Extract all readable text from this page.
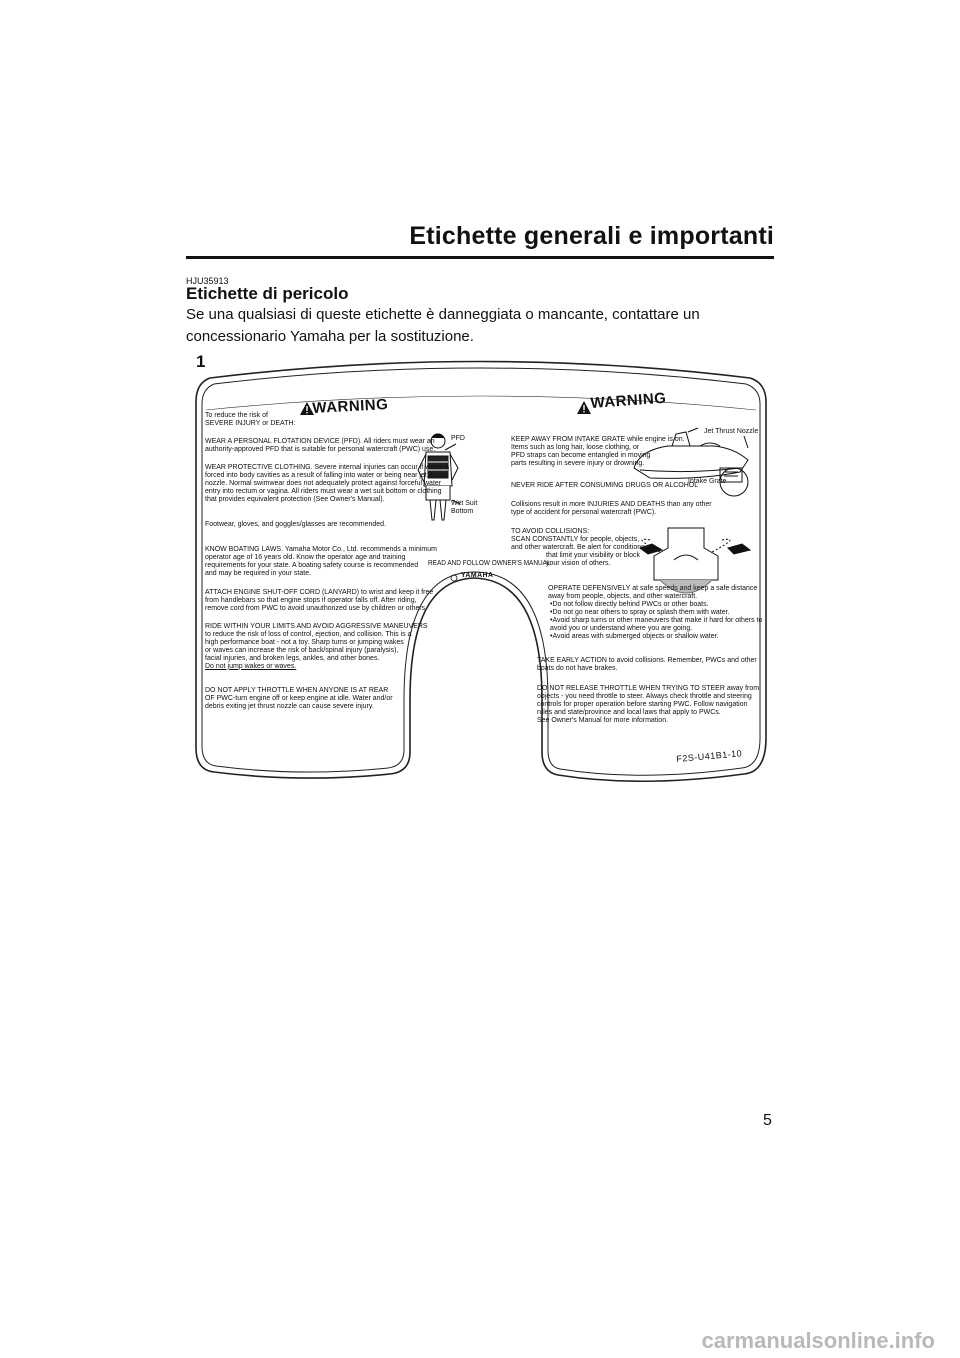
Etichette generali e importanti
HJU35913
Etichette di pericolo
Se una qualsiasi di queste etichette è danneggiata o mancante, contattare un concessionario Yamaha per la sostituzione.
1
WARNING	WARNING
To reduce the risk of
SEVERE INJURY or DEATH:
WEAR A PERSONAL FLOTATION DEVICE (PFD). All riders must wear an
authority-approved PFD that is suitable for personal watercraft (PWC) use.
WEAR PROTECTIVE CLOTHING. Severe internal injuries can occur if water is
forced into body cavities as a result of falling into water or being near jet thrust
nozzle. Normal swimwear does not adequately protect against forceful water
entry into rectum or vagina. All riders must wear a wet suit bottom or clothing
that provides equivalent protection (See Owner's Manual).
Footwear, gloves, and goggles/glasses are recommended.
KNOW BOATING LAWS. Yamaha Motor Co., Ltd. recommends a minimum
operator age of 16 years old. Know the operator age and training
requirements for your state. A boating safety course is recommended
and may be required in your state.
ATTACH ENGINE SHUT-OFF CORD (LANYARD) to wrist and keep it free
from handlebars so that engine stops if operator falls off. After riding,
remove cord from PWC to avoid unauthorized use by children or others.
RIDE WITHIN YOUR LIMITS AND AVOID AGGRESSIVE MANEUVERS
to reduce the risk of loss of control, ejection, and collision. This is a
high performance boat - not a toy. Sharp turns or jumping wakes
or waves can increase the risk of back/spinal injury (paralysis),
facial injuries, and broken legs, ankles, and other bones.
Do not jump wakes or waves.
DO NOT APPLY THROTTLE WHEN ANYONE IS AT REAR
OF PWC-turn engine off or keep engine at idle. Water and/or
debris exiting jet thrust nozzle can cause severe injury.
PFD
Wet Suit
Bottom
Jet Thrust Nozzle
Intake Grate
KEEP AWAY FROM INTAKE GRATE while engine is on.
Items such as long hair, loose clothing, or
PFD straps can become entangled in moving
parts resulting in severe injury or drowning.
NEVER RIDE AFTER CONSUMING DRUGS OR ALCOHOL
Collisions result in more INJURIES AND DEATHS than any other
type of accident for personal watercraft (PWC).
TO AVOID COLLISIONS:
SCAN CONSTANTLY for people, objects,
and other watercraft. Be alert for conditions
that limit your visibility or block
your vision of others.
READ AND FOLLOW OWNER'S MANUAL
YAMAHA
OPERATE DEFENSIVELY at safe speeds and keep a safe distance
away from people, objects, and other watercraft.
•Do not follow directly behind PWCs or other boats.
•Do not go near others to spray or splash them with water.
•Avoid sharp turns or other maneuvers that make it hard for others to
avoid you or understand where you are going.
•Avoid areas with submerged objects or shallow water.
TAKE EARLY ACTION to avoid collisions. Remember, PWCs and other
boats do not have brakes.
DO NOT RELEASE THROTTLE WHEN TRYING TO STEER away from
objects - you need throttle to steer. Always check throttle and steering
controls for proper operation before starting PWC. Follow navigation
rules and state/province and local laws that apply to PWCs.
See Owner's Manual for more information.
F2S-U41B1-10
5
carmanualsonline.info
